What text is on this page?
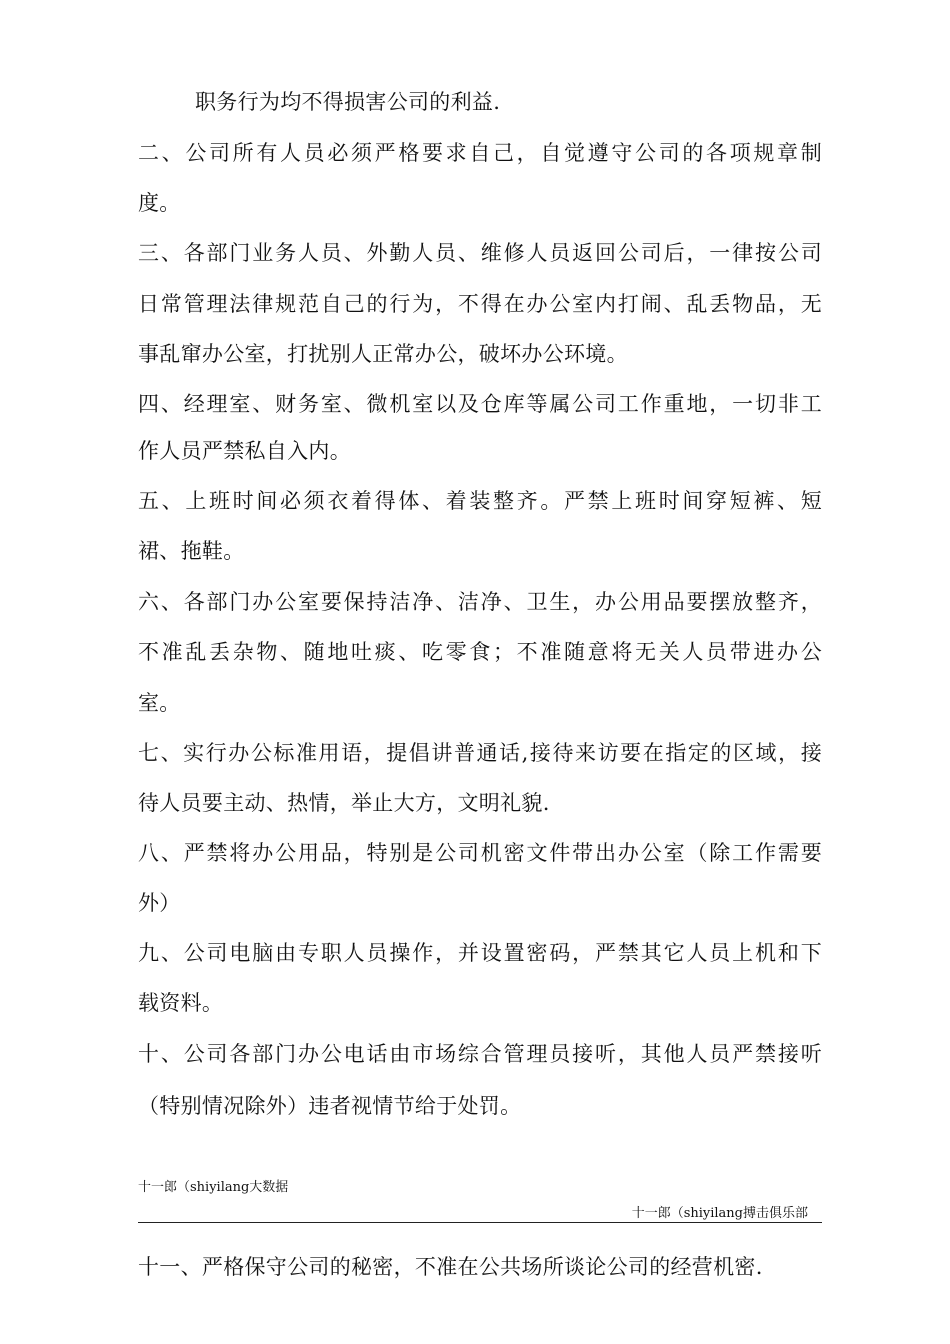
职务行为均不得损害公司的利益.
二、公司所有人员必须严格要求自己，自觉遵守公司的各项规章制
度。
三、各部门业务人员、外勤人员、维修人员返回公司后，一律按公司
日常管理法律规范自己的行为，不得在办公室内打闹、乱丢物品，无
事乱窜办公室，打扰别人正常办公，破坏办公环境。
四、经理室、财务室、微机室以及仓库等属公司工作重地，一切非工
作人员严禁私自入内。
五、上班时间必须衣着得体、着装整齐。严禁上班时间穿短裤、短
裙、拖鞋。
六、各部门办公室要保持洁净、洁净、卫生，办公用品要摆放整齐，
不准乱丢杂物、随地吐痰、吃零食；不准随意将无关人员带进办公
室。
七、实行办公标准用语，提倡讲普通话,接待来访要在指定的区域，接
待人员要主动、热情，举止大方，文明礼貌.
八、严禁将办公用品，特别是公司机密文件带出办公室（除工作需要
外）
九、公司电脑由专职人员操作，并设置密码，严禁其它人员上机和下
载资料。
十、公司各部门办公电话由市场综合管理员接听，其他人员严禁接听
（特别情况除外）违者视情节给于处罚。
十一郎（shiyilang大数据
十一郎（shiyilang搏击俱乐部
十一、严格保守公司的秘密，不准在公共场所谈论公司的经营机密.
